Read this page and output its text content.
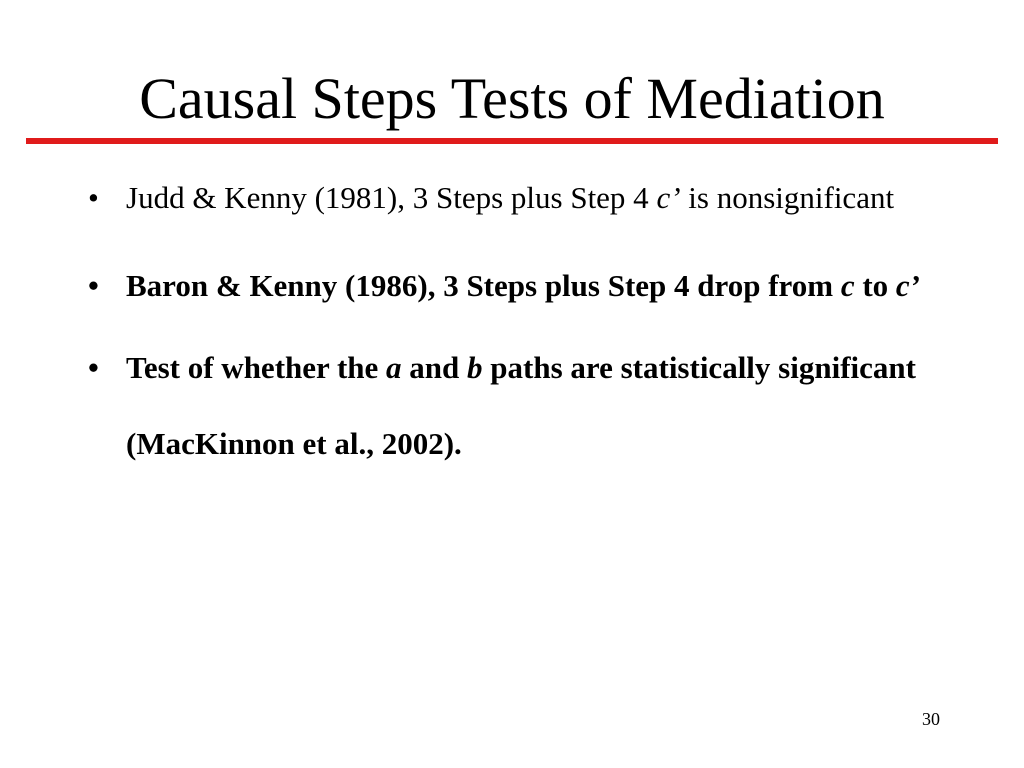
Causal Steps Tests of Mediation
• Judd & Kenny (1981), 3 Steps plus Step 4 c’ is nonsignificant
• Baron & Kenny (1986), 3 Steps plus Step 4 drop from c to c’
• Test of whether the a and b paths are statistically significant (MacKinnon et al., 2002).
30
